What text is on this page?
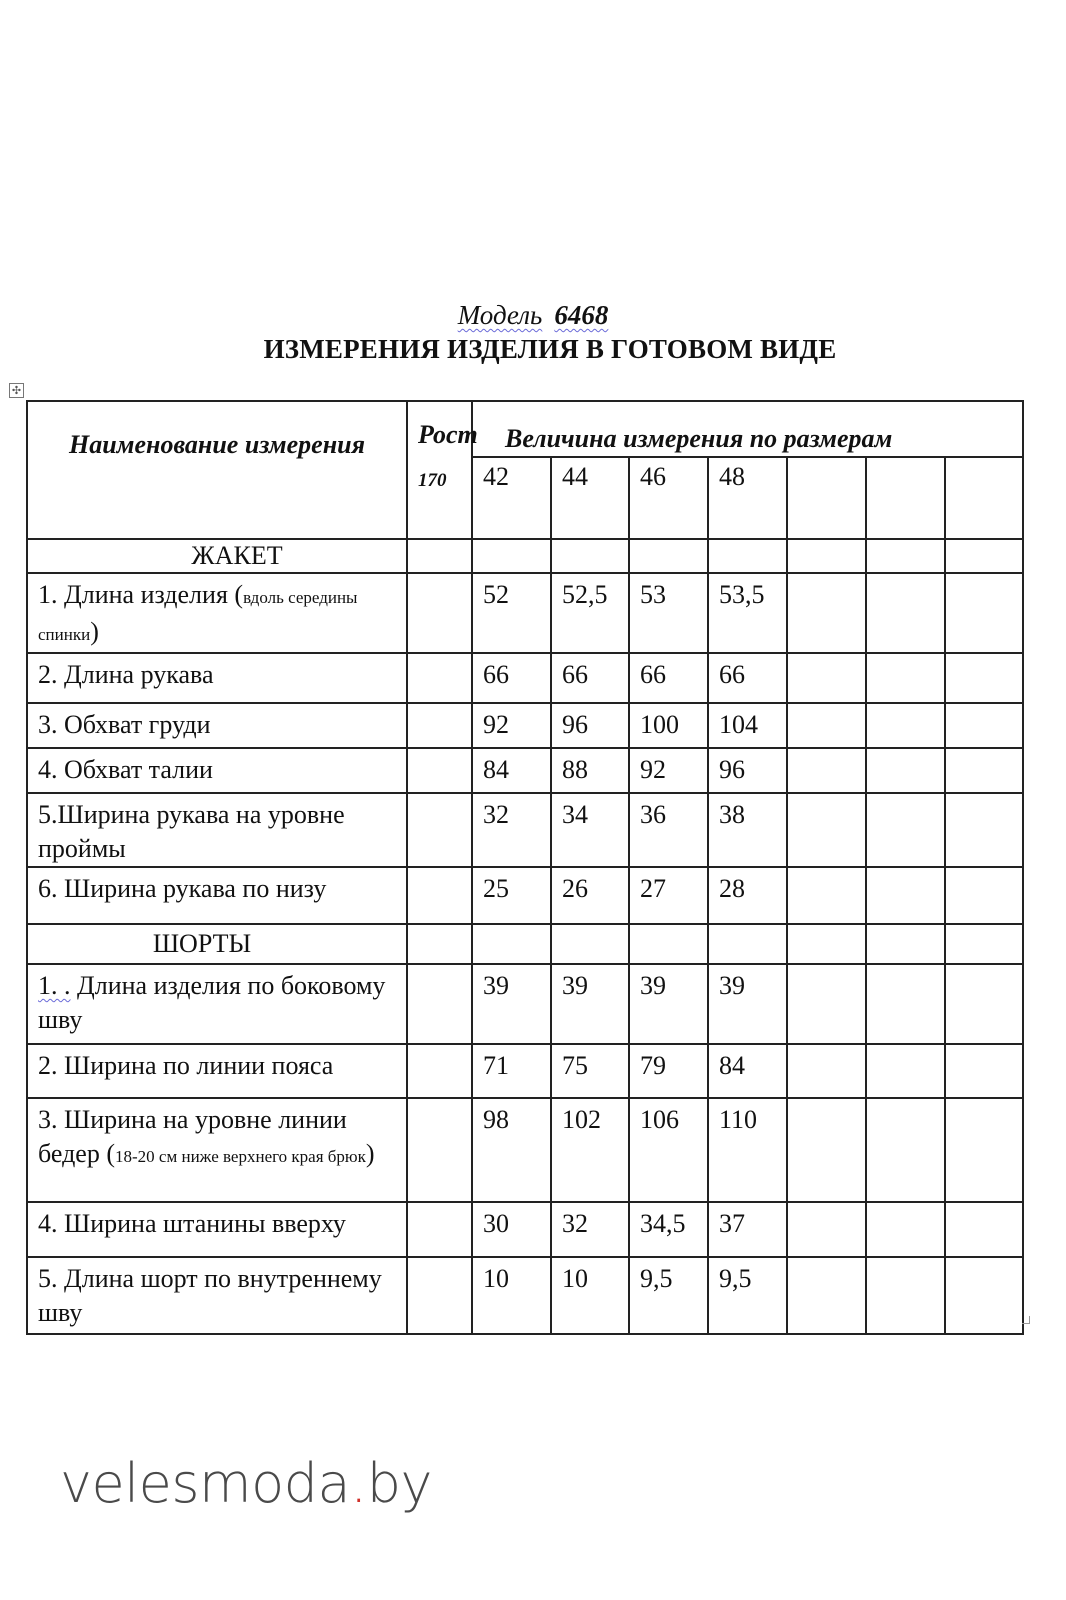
Модель 6468
ИЗМЕРЕНИЯ ИЗДЕЛИЯ В ГОТОВОМ ВИДЕ
✣
Наименование измерения	Рост
170	Величина измерения по размерам						
		42	44	46	48			
ЖАКЕТ								
1. Длина изделия (вдоль середины спинки)		52	52,5	53	53,5			
2. Длина рукава		66	66	66	66			
3. Обхват груди		92	96	100	104			
4. Обхват талии		84	88	92	96			
5.Ширина рукава на уровне проймы		32	34	36	38			
6. Ширина рукава по низу		25	26	27	28			
ШОРТЫ								
1. . Длина изделия по боковому шву		39	39	39	39			
2. Ширина по линии пояса		71	75	79	84			
3. Ширина на уровне линии бедер (18-20 см ниже верхнего края брюк)		98	102	106	110			
4. Ширина штанины вверху		30	32	34,5	37			
5. Длина шорт по внутреннему шву		10	10	9,5	9,5			
velesmoda.by
